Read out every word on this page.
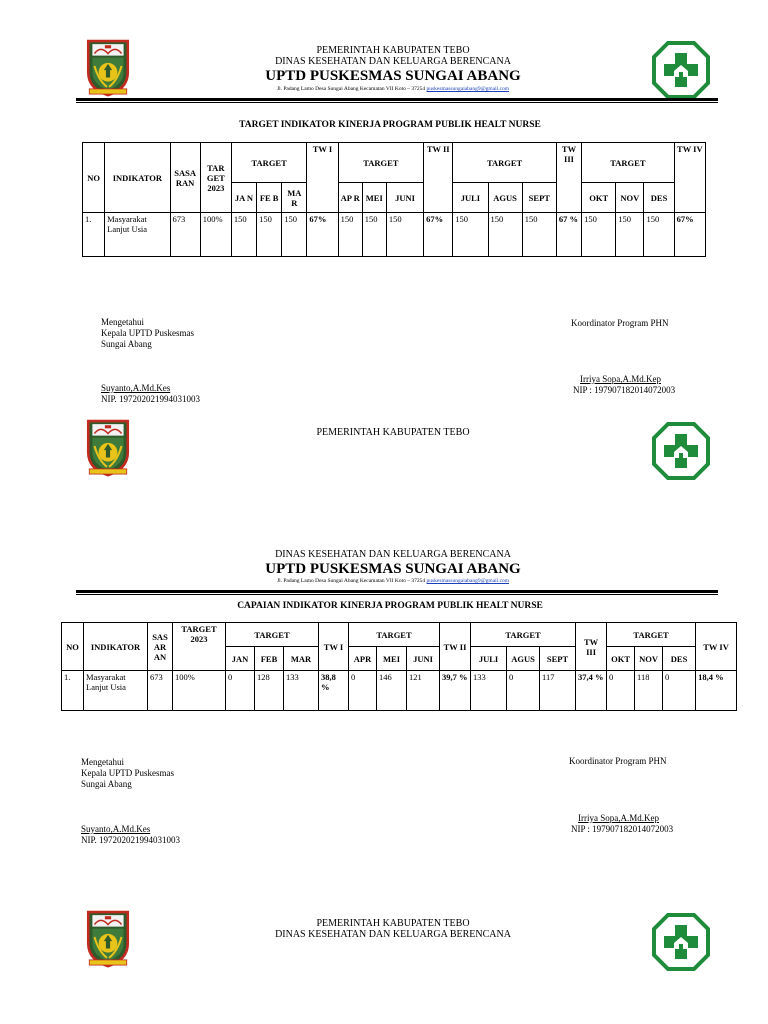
PEMERINTAH KABUPATEN TEBO
DINAS KESEHATAN DAN KELUARGA BERENCANA
UPTD PUSKESMAS SUNGAI ABANG
Jl. Padang Lamo Desa Sungai Abang Kecamatan VII Koto – 37254 puskesmassungaiabang9@gmail.com
TARGET INDIKATOR KINERJA PROGRAM PUBLIK HEALT NURSE
NO	INDIKATOR	SASA RAN	TAR GET 2023	TARGET			TW I	TARGET			TW II	TARGET			TW III	TARGET			TW IV
				JA N	FE B	MA R		AP R	MEI	JUNI		JULI	AGUS	SEPT		OKT	NOV	DES	
1.	Masyarakat Lanjut Usia	673	100%	150	150	150	67%	150	150	150	67%	150	150	150	67 %	150	150	150	67%
Mengetahui
Kepala UPTD Puskesmas
Sungai Abang
Suyanto,A.Md.Kes
NIP. 197202021994031003
Koordinator Program PHN
Irriya Sopa,A.Md.Kep
NIP : 197907182014072003
PEMERINTAH KABUPATEN TEBO
DINAS KESEHATAN DAN KELUARGA BERENCANA
UPTD PUSKESMAS SUNGAI ABANG
Jl. Padang Lamo Desa Sungai Abang Kecamatan VII Koto – 37254 puskesmassungaiabang9@gmail.com
CAPAIAN INDIKATOR KINERJA PROGRAM PUBLIK HEALT NURSE
NO	INDIKATOR	SAS AR AN	TARGET 2023	TARGET			TW I	TARGET			TW II	TARGET			TW III	TARGET			TW IV
				JAN	FEB	MAR		APR	MEI	JUNI		JULI	AGUS	SEPT		OKT	NOV	DES	
1.	Masyarakat Lanjut Usia	673	100%	0	128	133	38,8 %	0	146	121	39,7 %	133	0	117	37,4 %	0	118	0	18,4 %
Mengetahui
Kepala UPTD Puskesmas
Sungai Abang
Suyanto,A.Md.Kes
NIP. 197202021994031003
Koordinator Program PHN
Irriya Sopa,A.Md.Kep
NIP : 197907182014072003
PEMERINTAH KABUPATEN TEBO
DINAS KESEHATAN DAN KELUARGA BERENCANA
